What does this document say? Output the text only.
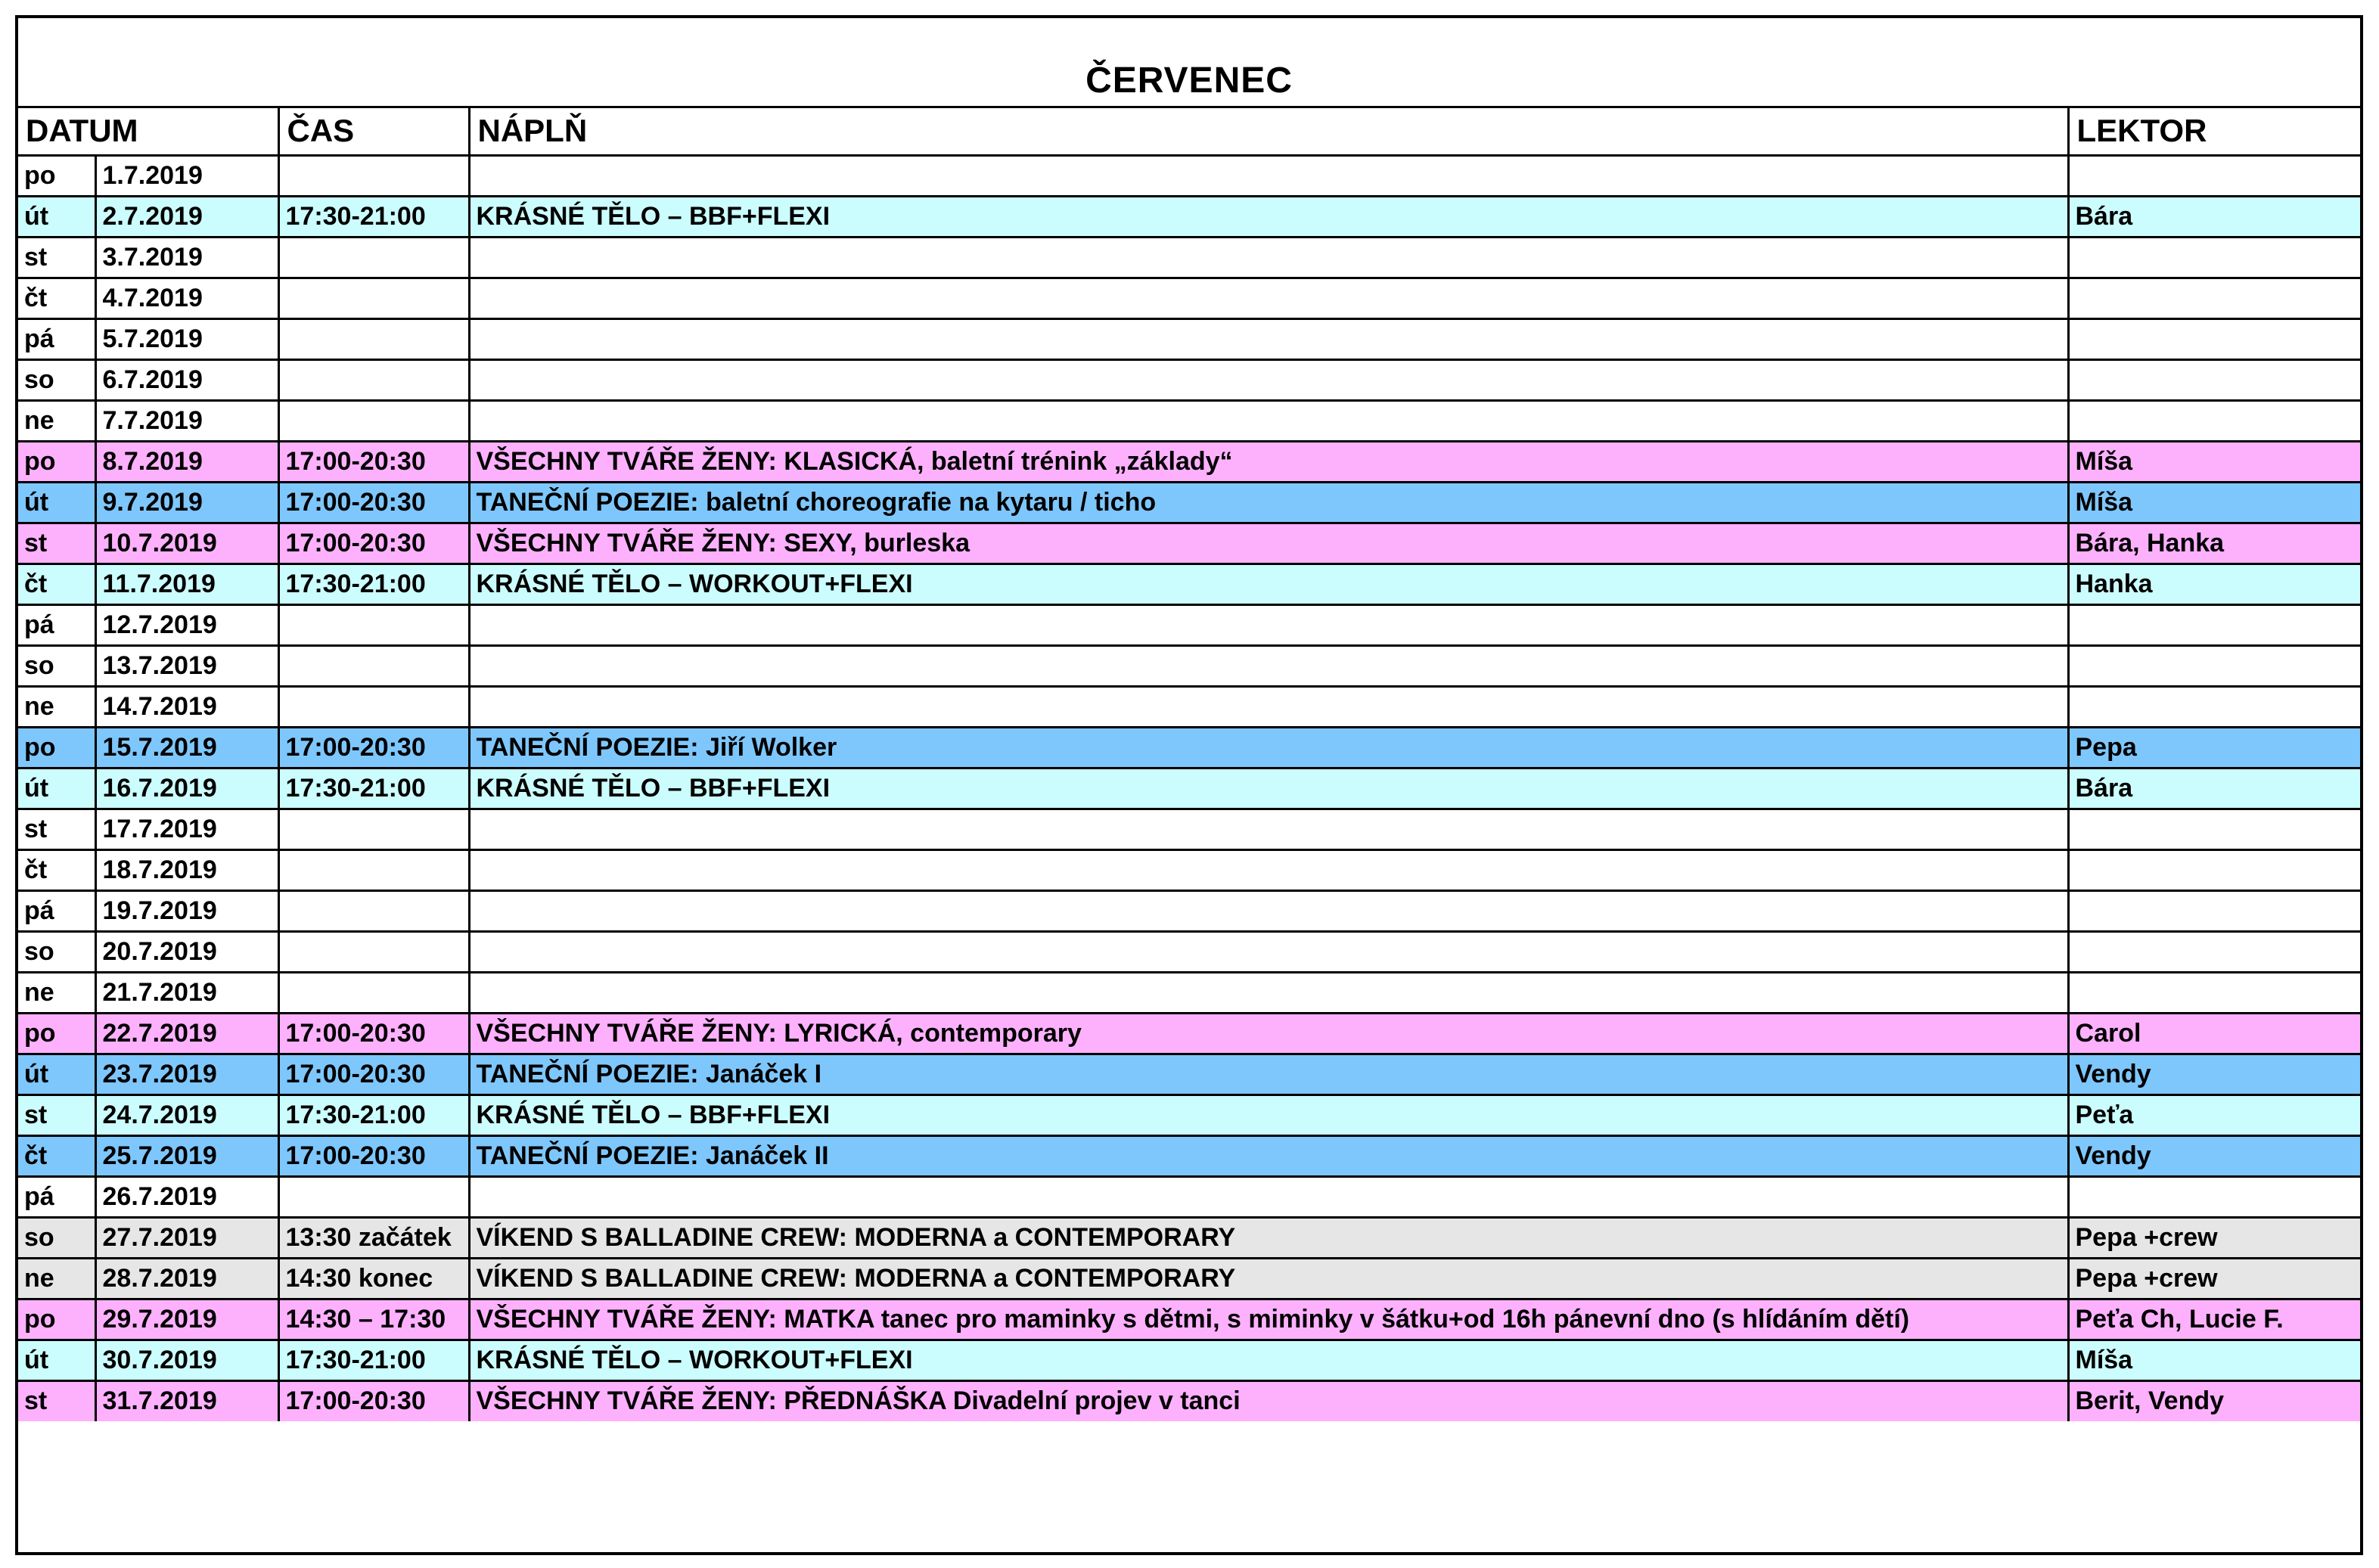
ČERVENEC
DATUM		ČAS	NÁPLŇ	LEKTOR
po	1.7.2019			
út	2.7.2019	17:30-21:00	KRÁSNÉ TĚLO – BBF+FLEXI	Bára
st	3.7.2019			
čt	4.7.2019			
pá	5.7.2019			
so	6.7.2019			
ne	7.7.2019			
po	8.7.2019	17:00-20:30	VŠECHNY TVÁŘE ŽENY: KLASICKÁ, baletní trénink „základy“	Míša
út	9.7.2019	17:00-20:30	TANEČNÍ POEZIE: baletní choreografie na kytaru / ticho	Míša
st	10.7.2019	17:00-20:30	VŠECHNY TVÁŘE ŽENY: SEXY, burleska	Bára, Hanka
čt	11.7.2019	17:30-21:00	KRÁSNÉ TĚLO – WORKOUT+FLEXI	Hanka
pá	12.7.2019			
so	13.7.2019			
ne	14.7.2019			
po	15.7.2019	17:00-20:30	TANEČNÍ POEZIE: Jiří Wolker	Pepa
út	16.7.2019	17:30-21:00	KRÁSNÉ TĚLO – BBF+FLEXI	Bára
st	17.7.2019			
čt	18.7.2019			
pá	19.7.2019			
so	20.7.2019			
ne	21.7.2019			
po	22.7.2019	17:00-20:30	VŠECHNY TVÁŘE ŽENY: LYRICKÁ, contemporary	Carol
út	23.7.2019	17:00-20:30	TANEČNÍ POEZIE: Janáček I	Vendy
st	24.7.2019	17:30-21:00	KRÁSNÉ TĚLO – BBF+FLEXI	Peťa
čt	25.7.2019	17:00-20:30	TANEČNÍ POEZIE: Janáček II	Vendy
pá	26.7.2019			
so	27.7.2019	13:30 začátek	VÍKEND S BALLADINE CREW: MODERNA a CONTEMPORARY	Pepa +crew
ne	28.7.2019	14:30 konec	VÍKEND S BALLADINE CREW: MODERNA a CONTEMPORARY	Pepa +crew
po	29.7.2019	14:30 – 17:30	VŠECHNY TVÁŘE ŽENY: MATKA tanec pro maminky s dětmi, s miminky v šátku+od 16h pánevní dno (s hlídáním dětí)	Peťa Ch, Lucie F.
út	30.7.2019	17:30-21:00	KRÁSNÉ TĚLO – WORKOUT+FLEXI	Míša
st	31.7.2019	17:00-20:30	VŠECHNY TVÁŘE ŽENY: PŘEDNÁŠKA Divadelní projev v tanci	Berit, Vendy
